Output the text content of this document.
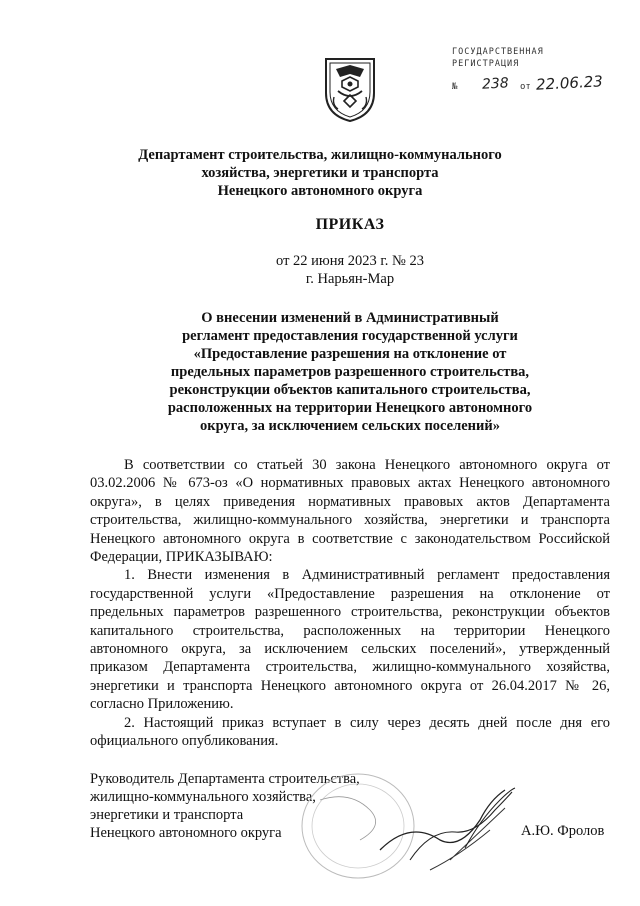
ГОСУДАРСТВЕННАЯ
РЕГИСТРАЦИЯ
№ 238 от 22.06.23
Департамент строительства, жилищно-коммунального
хозяйства, энергетики и транспорта
Ненецкого автономного округа
ПРИКАЗ
от 22 июня 2023 г. № 23
г. Нарьян-Мар
О внесении изменений в Административный
регламент предоставления государственной услуги
«Предоставление разрешения на отклонение от
предельных параметров разрешенного строительства,
реконструкции объектов капитального строительства,
расположенных на территории Ненецкого автономного
округа, за исключением сельских поселений»

В соответствии со статьей 30 закона Ненецкого автономного округа от 03.02.2006 № 673-оз «О нормативных правовых актах Ненецкого автономного округа», в целях приведения нормативных правовых актов Департамента строительства, жилищно-коммунального хозяйства, энергетики и транспорта Ненецкого автономного округа в соответствие с законодательством Российской Федерации, ПРИКАЗЫВАЮ:

1. Внести изменения в Административный регламент предоставления государственной услуги «Предоставление разрешения на отклонение от предельных параметров разрешенного строительства, реконструкции объектов капитального строительства, расположенных на территории Ненецкого автономного округа, за исключением сельских поселений», утвержденный приказом Департамента строительства, жилищно-коммунального хозяйства, энергетики и транспорта Ненецкого автономного округа от 26.04.2017 № 26, согласно Приложению.

2. Настоящий приказ вступает в силу через десять дней после дня его официального опубликования.

Руководитель Департамента строительства,
жилищно-коммунального хозяйства,
энергетики и транспорта
Ненецкого автономного округа	А.Ю. Фролов
